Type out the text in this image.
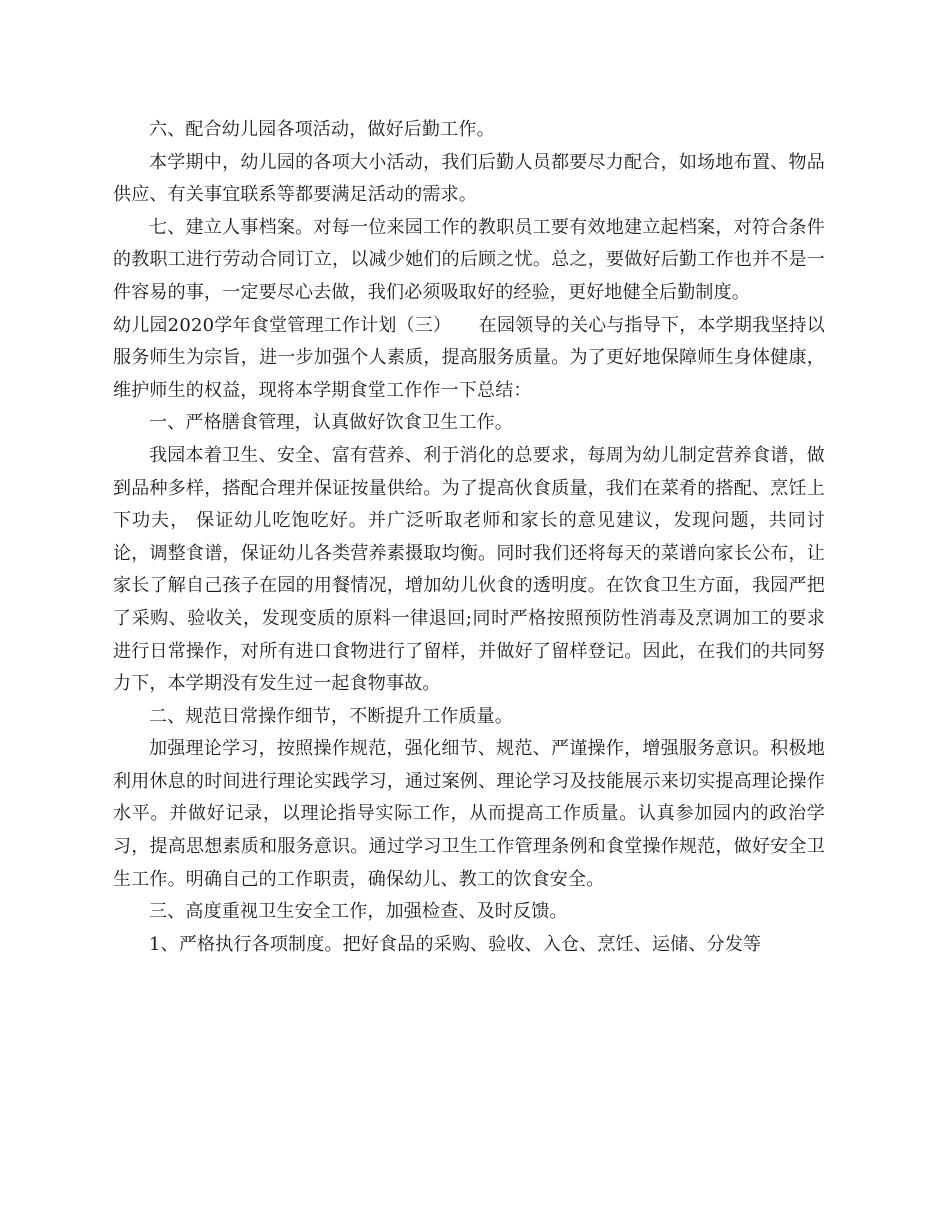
六、配合幼儿园各项活动，做好后勤工作。

本学期中，幼儿园的各项大小活动，我们后勤人员都要尽力配合，如场地布置、物品供应、有关事宜联系等都要满足活动的需求。

七、建立人事档案。对每一位来园工作的教职员工要有效地建立起档案，对符合条件的教职工进行劳动合同订立，以减少她们的后顾之忧。总之，要做好后勤工作也并不是一件容易的事，一定要尽心去做，我们必须吸取好的经验，更好地健全后勤制度。

幼儿园2020学年食堂管理工作计划（三）　　在园领导的关心与指导下，本学期我坚持以服务师生为宗旨，进一步加强个人素质，提高服务质量。为了更好地保障师生身体健康，维护师生的权益，现将本学期食堂工作作一下总结：

一、严格膳食管理，认真做好饮食卫生工作。

我园本着卫生、安全、富有营养、利于消化的总要求，每周为幼儿制定营养食谱，做到品种多样，搭配合理并保证按量供给。为了提高伙食质量，我们在菜肴的搭配、烹饪上下功夫， 保证幼儿吃饱吃好。并广泛听取老师和家长的意见建议，发现问题，共同讨论，调整食谱，保证幼儿各类营养素摄取均衡。同时我们还将每天的菜谱向家长公布，让家长了解自己孩子在园的用餐情况，增加幼儿伙食的透明度。在饮食卫生方面，我园严把了采购、验收关，发现变质的原料一律退回;同时严格按照预防性消毒及烹调加工的要求进行日常操作，对所有进口食物进行了留样，并做好了留样登记。因此，在我们的共同努力下，本学期没有发生过一起食物事故。

二、规范日常操作细节，不断提升工作质量。

加强理论学习，按照操作规范，强化细节、规范、严谨操作，增强服务意识。积极地利用休息的时间进行理论实践学习，通过案例、理论学习及技能展示来切实提高理论操作水平。并做好记录，以理论指导实际工作，从而提高工作质量。认真参加园内的政治学习，提高思想素质和服务意识。通过学习卫生工作管理条例和食堂操作规范，做好安全卫生工作。明确自己的工作职责，确保幼儿、教工的饮食安全。

三、高度重视卫生安全工作，加强检查、及时反馈。

1、严格执行各项制度。把好食品的采购、验收、入仓、烹饪、运储、分发等
